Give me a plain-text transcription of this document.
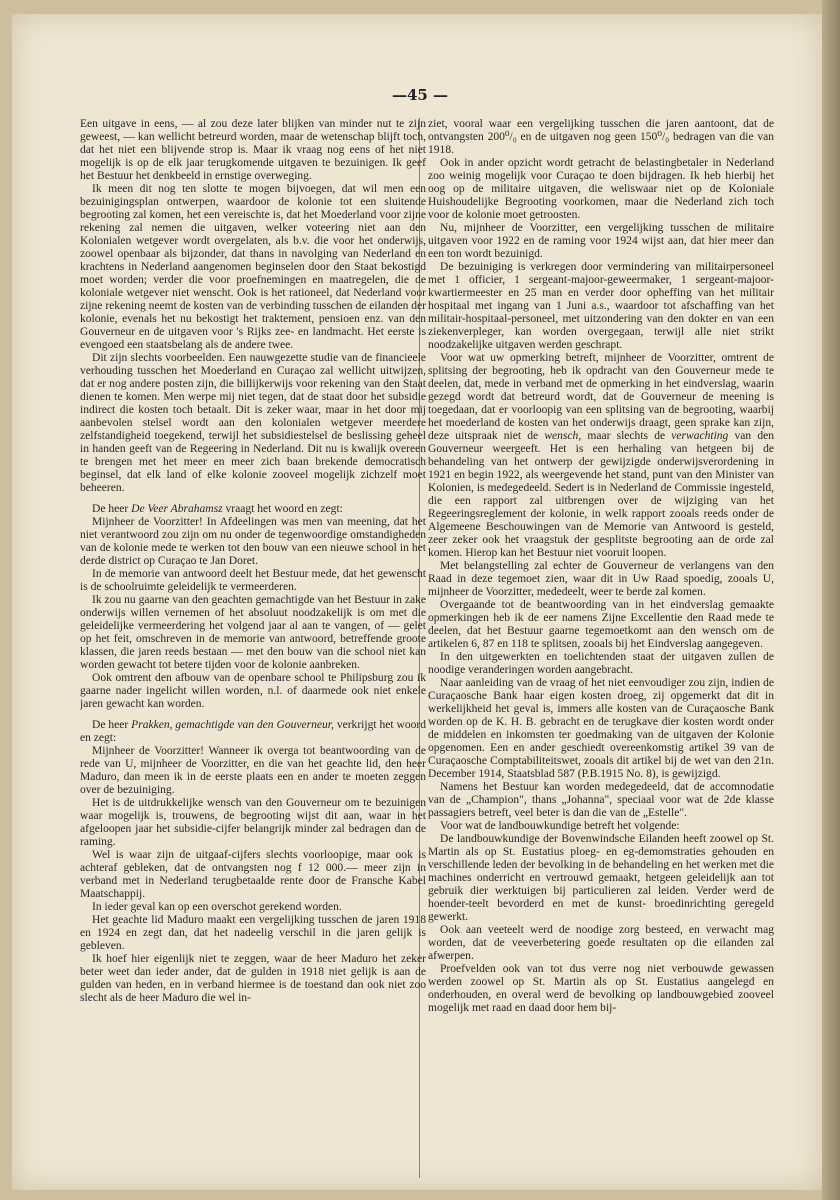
—45 —

Een uitgave in eens, — al zou deze later blijken van minder nut te zijn geweest, — kan wellicht betreurd worden, maar de wetenschap blijft toch, dat het niet een blijvende strop is. Maar ik vraag nog eens of het niet mogelijk is op de elk jaar terugkomende uitgaven te bezuinigen. Ik geef het Bestuur het denkbeeld in ernstige overweging.

Ik meen dit nog ten slotte te mogen bijvoegen, dat wil men een bezuinigingsplan ontwerpen, waardoor de kolonie tot een sluitende begrooting zal komen, het een vereischte is, dat het Moederland voor zijne rekening zal nemen die uitgaven, welker voteering niet aan den Kolonialen wetgever wordt overgelaten, als b.v. die voor het onderwijs, zoowel openbaar als bijzonder, dat thans in navolging van Nederland en krachtens in Nederland aangenomen beginselen door den Staat bekostigd moet worden; verder die voor proefnemingen en maatregelen, die de koloniale wetgever niet wenscht. Ook is het rationeel, dat Nederland voor zijne rekening neemt de kosten van de verbinding tusschen de eilanden der kolonie, evenals het nu bekostigt het traktement, pensioen enz. van den Gouverneur en de uitgaven voor 's Rijks zee- en landmacht. Het eerste is evengoed een staatsbelang als de andere twee.

Dit zijn slechts voorbeelden. Een nauwgezette studie van de financieele verhouding tusschen het Moederland en Curaçao zal wellicht uitwijzen, dat er nog andere posten zijn, die billijkerwijs voor rekening van den Staat dienen te komen. Men werpe mij niet tegen, dat de staat door het subsidie indirect die kosten toch betaalt. Dit is zeker waar, maar in het door mij aanbevolen stelsel wordt aan den kolonialen wetgever meerdere zelfstandigheid toegekend, terwijl het subsidiestelsel de beslissing geheel in handen geeft van de Regeering in Nederland. Dit nu is kwalijk overeen te brengen met het meer en meer zich baan brekende democratisch beginsel, dat elk land of elke kolonie zooveel mogelijk zichzelf moet beheeren.

De heer De Veer Abrahamsz vraagt het woord en zegt:

Mijnheer de Voorzitter! In Afdeelingen was men van meening, dat het niet verantwoord zou zijn om nu onder de tegenwoordige omstandigheden van de kolonie mede te werken tot den bouw van een nieuwe school in het derde district op Curaçao te Jan Doret.

In de memorie van antwoord deelt het Bestuur mede, dat het gewenscht is de schoolruimte geleidelijk te vermeerderen.

Ik zou nu gaarne van den geachten gemachtigde van het Bestuur in zake onderwijs willen vernemen of het absoluut noodzakelijk is om met die geleidelijke vermeerdering het volgend jaar al aan te vangen, of — gelet op het feit, omschreven in de memorie van antwoord, betreffende groote klassen, die jaren reeds bestaan — met den bouw van die school niet kan worden gewacht tot betere tijden voor de kolonie aanbreken.

Ook omtrent den afbouw van de openbare school te Philipsburg zou ik gaarne nader ingelicht willen worden, n.l. of daarmede ook niet enkele jaren gewacht kan worden.

De heer Prakken, gemachtigde van den Gouverneur, verkrijgt het woord en zegt:

Mijnheer de Voorzitter! Wanneer ik overga tot beantwoording van de rede van U, mijnheer de Voorzitter, en die van het geachte lid, den heer Maduro, dan meen ik in de eerste plaats een en ander te moeten zeggen over de bezuiniging.

Het is de uitdrukkelijke wensch van den Gouverneur om te bezuinigen waar mogelijk is, trouwens, de begrooting wijst dit aan, waar in het afgeloopen jaar het subsidie-cijfer belangrijk minder zal bedragen dan de raming.

Wel is waar zijn de uitgaaf-cijfers slechts voorloopige, maar ook is achteraf gebleken, dat de ontvangsten nog f 12 000.— meer zijn in verband met in Nederland terugbetaalde rente door de Fransche Kabel Maatschappij.

In ieder geval kan op een overschot gerekend worden.

Het geachte lid Maduro maakt een vergelijking tusschen de jaren 1918 en 1924 en zegt dan, dat het nadeelig verschil in die jaren gelijk is gebleven.

Ik hoef hier eigenlijk niet te zeggen, waar de heer Maduro het zeker beter weet dan ieder ander, dat de gulden in 1918 niet gelijk is aan de gulden van heden, en in verband hiermee is de toestand dan ook niet zoo slecht als de heer Maduro die wel in-

ziet, vooral waar een vergelijking tusschen die jaren aantoont, dat de ontvangsten 200⁰/₀ en de uitgaven nog geen 150⁰/₀ bedragen van die van 1918.

Ook in ander opzicht wordt getracht de belastingbetaler in Nederland zoo weinig mogelijk voor Curaçao te doen bijdragen. Ik heb hierbij het oog op de militaire uitgaven, die weliswaar niet op de Koloniale Huishoudelijke Begrooting voorkomen, maar die Nederland zich toch voor de kolonie moet getroosten.

Nu, mijnheer de Voorzitter, een vergelijking tusschen de militaire uitgaven voor 1922 en de raming voor 1924 wijst aan, dat hier meer dan een ton wordt bezuinigd.

De bezuiniging is verkregen door vermindering van militairpersoneel met 1 officier, 1 sergeant-majoor-geweermaker, 1 sergeant-majoor-kwartiermeester en 25 man en verder door opheffing van het militair hospitaal met ingang van 1 Juni a.s., waardoor tot afschaffing van het militair-hospitaal-personeel, met uitzondering van den dokter en van een ziekenverpleger, kan worden overgegaan, terwijl alle niet strikt noodzakelijke uitgaven werden geschrapt.

Voor wat uw opmerking betreft, mijnheer de Voorzitter, omtrent de splitsing der begrooting, heb ik opdracht van den Gouverneur mede te deelen, dat, mede in verband met de opmerking in het eindverslag, waarin gezegd wordt dat betreurd wordt, dat de Gouverneur de meening is toegedaan, dat er voorloopig van een splitsing van de begrooting, waarbij het moederland de kosten van het onderwijs draagt, geen sprake kan zijn, deze uitspraak niet de wensch, maar slechts de verwachting van den Gouverneur weergeeft. Het is een herhaling van hetgeen bij de behandeling van het ontwerp der gewijzigde onderwijsverordening in 1921 en begin 1922, als weergevende het stand, punt van den Minister van Kolonien, is medegedeeld. Sedert is in Nederland de Commissie ingesteld, die een rapport zal uitbrengen over de wijziging van het Regeeringsreglement der kolonie, in welk rapport zooals reeds onder de Algemeene Beschouwingen van de Memorie van Antwoord is gesteld, zeer zeker ook het vraagstuk der gesplitste begrooting aan de orde zal komen. Hierop kan het Bestuur niet vooruit loopen.

Met belangstelling zal echter de Gouverneur de verlangens van den Raad in deze tegemoet zien, waar dit in Uw Raad spoedig, zooals U, mijnheer de Voorzitter, mededeelt, weer te berde zal komen.

Overgaande tot de beantwoording van in het eindverslag gemaakte opmerkingen heb ik de eer namens Zijne Excellentie den Raad mede te deelen, dat het Bestuur gaarne tegemoetkomt aan den wensch om de artikelen 6, 87 en 118 te splitsen, zooals bij het Eindverslag aangegeven.

In den uitgewerkten en toelichtenden staat der uitgaven zullen de noodige veranderingen worden aangebracht.

Naar aanleiding van de vraag of het niet eenvoudiger zou zijn, indien de Curaçaosche Bank haar eigen kosten droeg, zij opgemerkt dat dit in werkelijkheid het geval is, immers alle kosten van de Curaçaosche Bank worden op de K. H. B. gebracht en de terugkave dier kosten wordt onder de middelen en inkomsten ter goedmaking van de uitgaven der Kolonie opgenomen. Een en ander geschiedt overeenkomstig artikel 39 van de Curaçaosche Comptabiliteitswet, zooals dit artikel bij de wet van den 21n. December 1914, Staatsblad 587 (P.B.1915 No. 8), is gewijzigd.

Namens het Bestuur kan worden medegedeeld, dat de accomnodatie van de „Champion", thans „Johanna", speciaal voor wat de 2de klasse passagiers betreft, veel beter is dan die van de „Estelle".

Voor wat de landbouwkundige betreft het volgende:

De landbouwkundige der Bovenwindsche Eilanden heeft zoowel op St. Martin als op St. Eustatius ploeg- en eg-demomstraties gehouden en verschillende leden der bevolking in de behandeling en het werken met die machines onderricht en vertrouwd gemaakt, hetgeen geleidelijk aan tot gebruik dier werktuigen bij particulieren zal leiden. Verder werd de hoender-teelt bevorderd en met de kunst- broedinrichting geregeld gewerkt.

Ook aan veeteelt werd de noodige zorg besteed, en verwacht mag worden, dat de veeverbetering goede resultaten op die eilanden zal afwerpen.

Proefvelden ook van tot dus verre nog niet verbouwde gewassen werden zoowel op St. Martin als op St. Eustatius aangelegd en onderhouden, en overal werd de bevolking op landbouwgebied zooveel mogelijk met raad en daad door hem bij-
